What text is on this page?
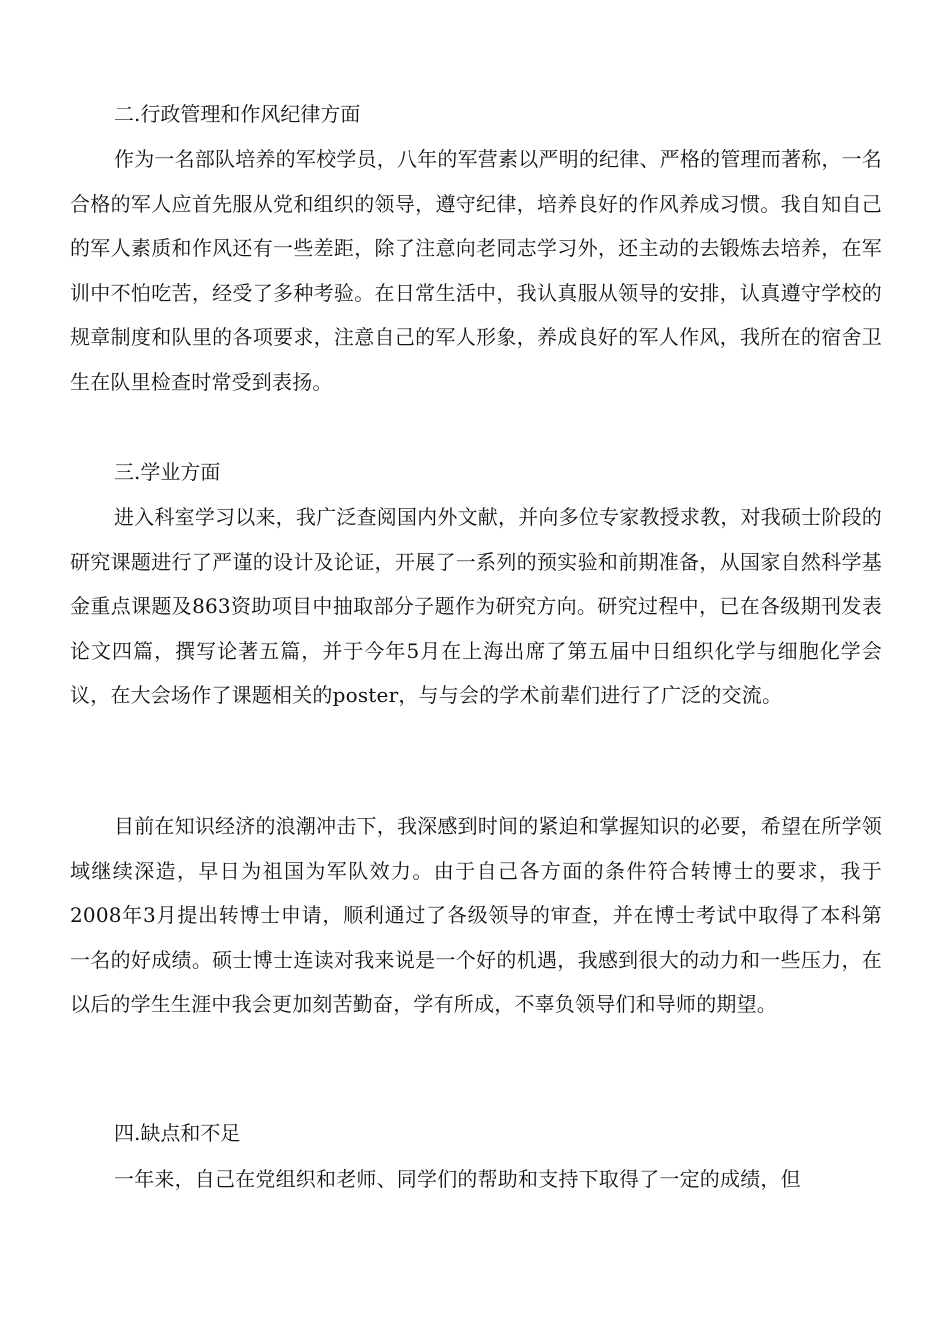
二.行政管理和作风纪律方面
作为一名部队培养的军校学员，八年的军营素以严明的纪律、严格的管理而著称，一名合格的军人应首先服从党和组织的领导，遵守纪律，培养良好的作风养成习惯。我自知自己的军人素质和作风还有一些差距，除了注意向老同志学习外，还主动的去锻炼去培养，在军训中不怕吃苦，经受了多种考验。在日常生活中，我认真服从领导的安排，认真遵守学校的规章制度和队里的各项要求，注意自己的军人形象，养成良好的军人作风，我所在的宿舍卫生在队里检查时常受到表扬。
三.学业方面
进入科室学习以来，我广泛查阅国内外文献，并向多位专家教授求教，对我硕士阶段的研究课题进行了严谨的设计及论证，开展了一系列的预实验和前期准备，从国家自然科学基金重点课题及863资助项目中抽取部分子题作为研究方向。研究过程中，已在各级期刊发表论文四篇，撰写论著五篇，并于今年5月在上海出席了第五届中日组织化学与细胞化学会议，在大会场作了课题相关的poster，与与会的学术前辈们进行了广泛的交流。
目前在知识经济的浪潮冲击下，我深感到时间的紧迫和掌握知识的必要，希望在所学领域继续深造，早日为祖国为军队效力。由于自己各方面的条件符合转博士的要求，我于2008年3月提出转博士申请，顺利通过了各级领导的审查，并在博士考试中取得了本科第一名的好成绩。硕士博士连读对我来说是一个好的机遇，我感到很大的动力和一些压力，在以后的学生生涯中我会更加刻苦勤奋，学有所成，不辜负领导们和导师的期望。
四.缺点和不足
一年来，自己在党组织和老师、同学们的帮助和支持下取得了一定的成绩，但
